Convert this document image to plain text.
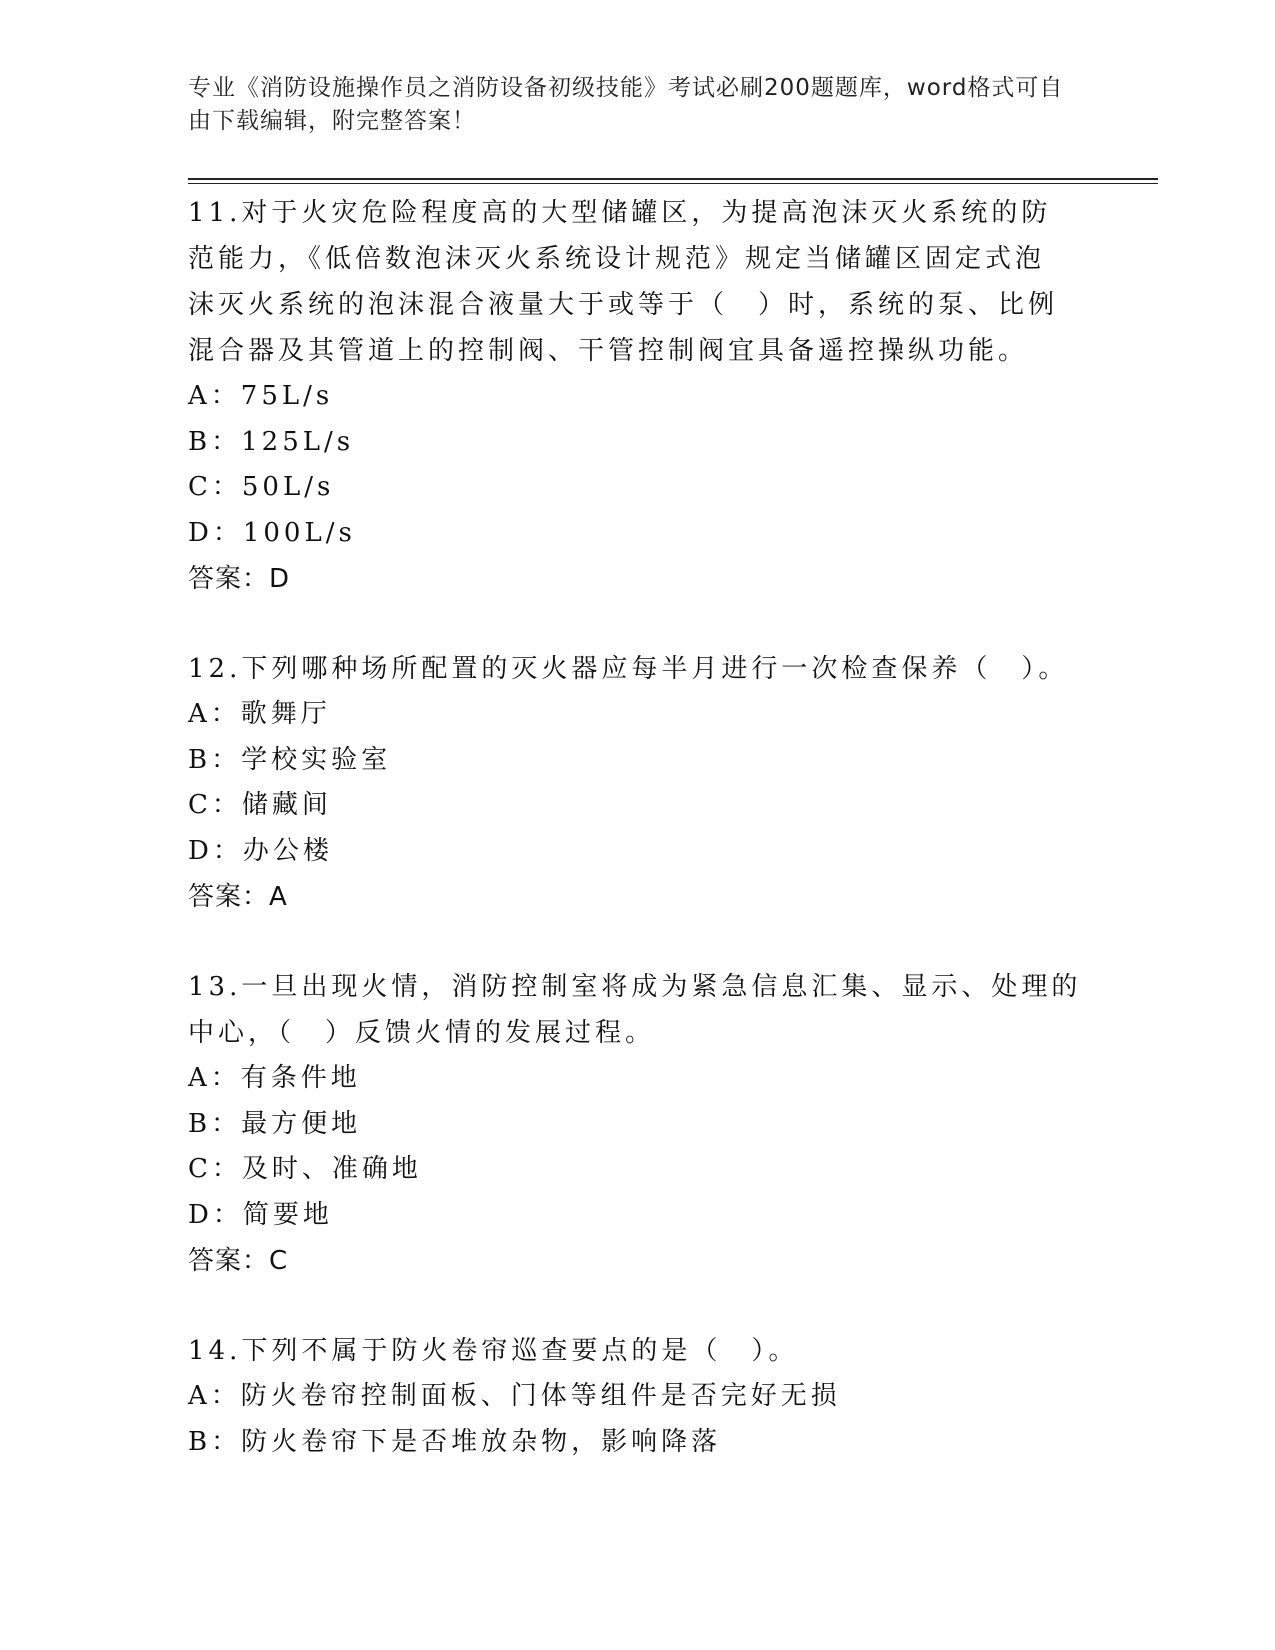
专业《消防设施操作员之消防设备初级技能》考试必刷200题题库，word格式可自由下载编辑，附完整答案！

11.对于火灾危险程度高的大型储罐区，为提高泡沫灭火系统的防范能力，《低倍数泡沫灭火系统设计规范》规定当储罐区固定式泡沫灭火系统的泡沫混合液量大于或等于（　）时，系统的泵、比例混合器及其管道上的控制阀、干管控制阀宜具备遥控操纵功能。

A：75L/s

B：125L/s

C：50L/s

D：100L/s

答案：D

12.下列哪种场所配置的灭火器应每半月进行一次检查保养（　）。

A：歌舞厅

B：学校实验室

C：储藏间

D：办公楼

答案：A

13.一旦出现火情，消防控制室将成为紧急信息汇集、显示、处理的中心，（　）反馈火情的发展过程。

A：有条件地

B：最方便地

C：及时、准确地

D：简要地

答案：C

14.下列不属于防火卷帘巡查要点的是（　）。

A：防火卷帘控制面板、门体等组件是否完好无损

B：防火卷帘下是否堆放杂物，影响降落
